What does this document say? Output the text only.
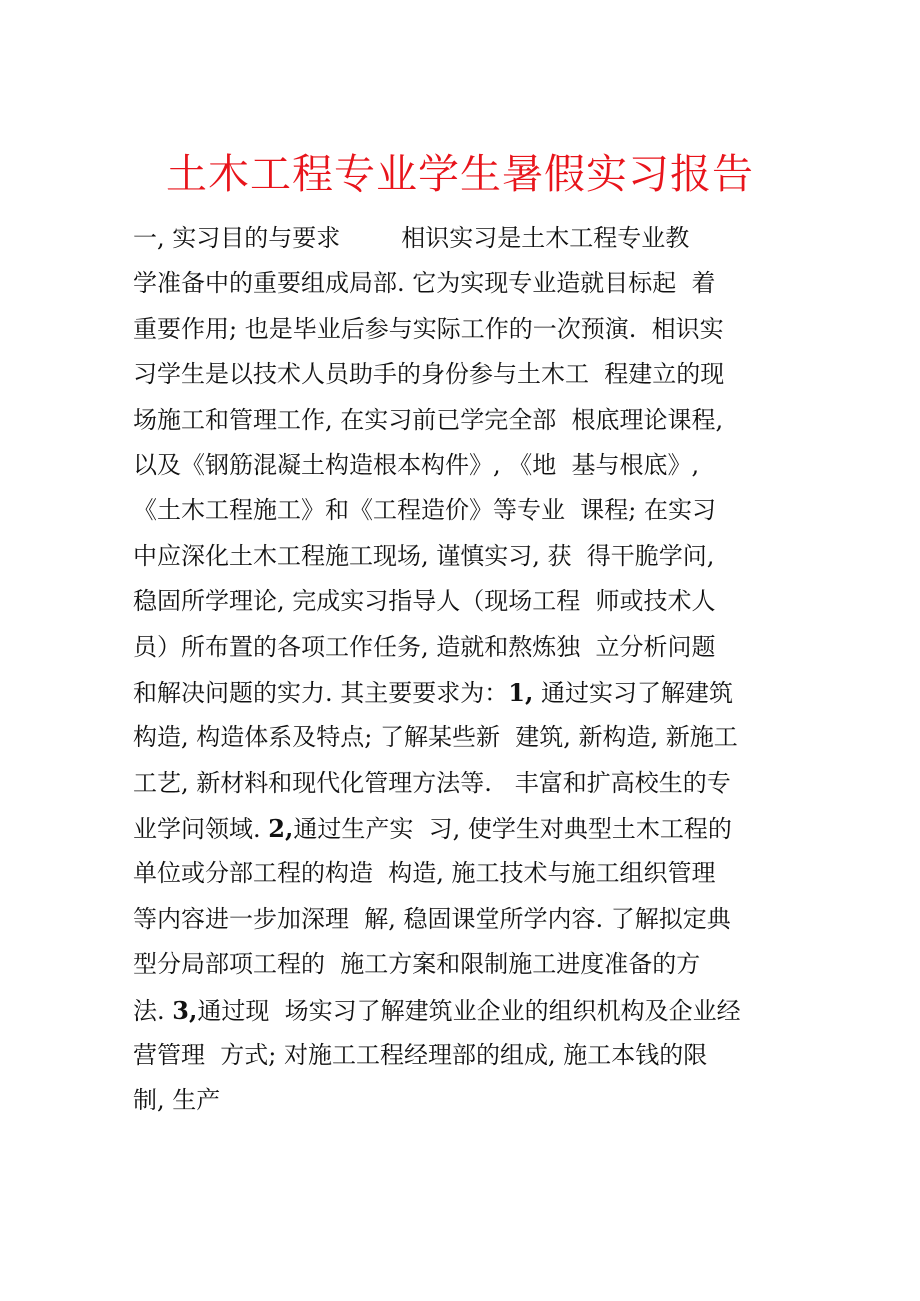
土木工程专业学生暑假实习报告
一, 实习目的与要求        相识实习是土木工程专业教
学准备中的重要组成局部. 它为实现专业造就目标起  着
重要作用; 也是毕业后参与实际工作的一次预演.  相识实
习学生是以技术人员助手的身份参与土木工  程建立的现
场施工和管理工作, 在实习前已学完全部  根底理论课程,
以及《钢筋混凝土构造根本构件》, 《地  基与根底》,
《土木工程施工》和《工程造价》等专业  课程; 在实习
中应深化土木工程施工现场, 谨慎实习, 获  得干脆学问,
稳固所学理论, 完成实习指导人（现场工程  师或技术人
员）所布置的各项工作任务, 造就和熬炼独  立分析问题
和解决问题的实力. 其主要要求为：1, 通过实习了解建筑
构造, 构造体系及特点; 了解某些新  建筑, 新构造, 新施工
工艺, 新材料和现代化管理方法等.   丰富和扩高校生的专
业学问领域. 2,通过生产实  习, 使学生对典型土木工程的
单位或分部工程的构造  构造, 施工技术与施工组织管理
等内容进一步加深理  解, 稳固课堂所学内容. 了解拟定典
型分局部项工程的  施工方案和限制施工进度准备的方
法. 3,通过现  场实习了解建筑业企业的组织机构及企业经
营管理  方式; 对施工工程经理部的组成, 施工本钱的限
制, 生产
